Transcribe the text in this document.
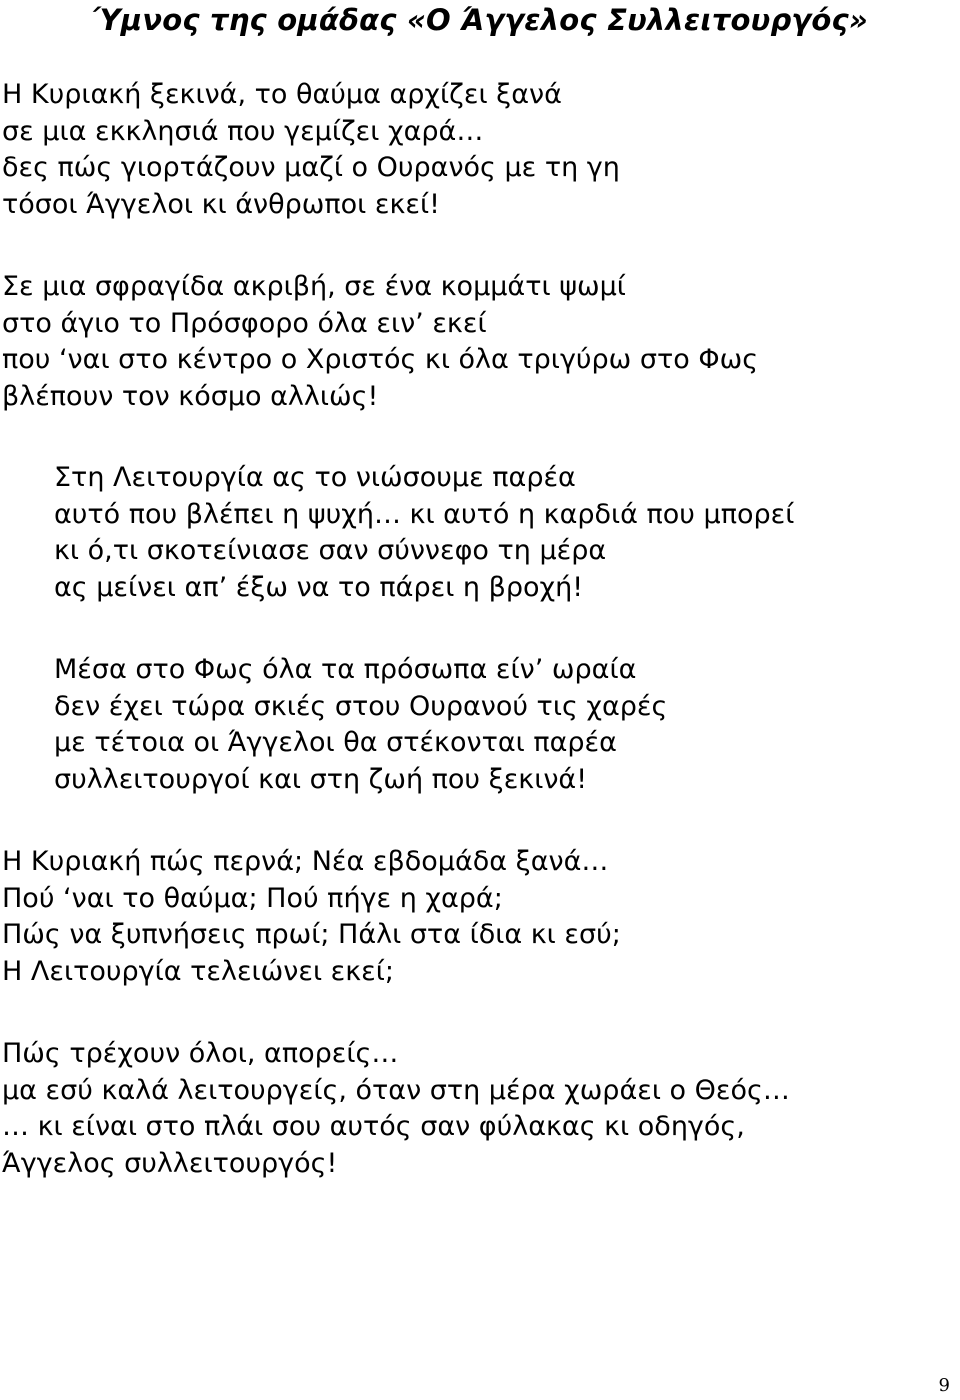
Ύμνος της ομάδας «Ο Άγγελος Συλλειτουργός»
Η Κυριακή ξεκινά, το θαύμα αρχίζει ξανά
σε μια εκκλησιά που γεμίζει χαρά…
δες πώς γιορτάζουν μαζί ο Ουρανός με τη γη
τόσοι Άγγελοι κι άνθρωποι εκεί!
Σε μια σφραγίδα ακριβή, σε ένα κομμάτι ψωμί
στο άγιο το Πρόσφορο όλα ειν’ εκεί
που ‘ναι στο κέντρο ο Χριστός κι όλα τριγύρω στο Φως
βλέπουν τον κόσμο αλλιώς!
Στη Λειτουργία ας το νιώσουμε παρέα
αυτό που βλέπει η ψυχή… κι αυτό η καρδιά που μπορεί
κι ό,τι σκοτείνιασε σαν σύννεφο τη μέρα
ας μείνει απ’ έξω να το πάρει η βροχή!
Μέσα στο Φως όλα τα πρόσωπα είν’ ωραία
δεν έχει τώρα σκιές στου Ουρανού τις χαρές
με τέτοια οι Άγγελοι θα στέκονται παρέα
συλλειτουργοί και στη ζωή που ξεκινά!
Η Κυριακή πώς περνά; Νέα εβδομάδα ξανά…
Πού ‘ναι το θαύμα; Πού πήγε η χαρά;
Πώς να ξυπνήσεις πρωί; Πάλι στα ίδια κι εσύ;
Η Λειτουργία τελειώνει εκεί;
Πώς τρέχουν όλοι, απορείς…
μα εσύ καλά λειτουργείς, όταν στη μέρα χωράει ο Θεός…
… κι είναι στο πλάι σου αυτός σαν φύλακας κι οδηγός,
Άγγελος συλλειτουργός!
9
